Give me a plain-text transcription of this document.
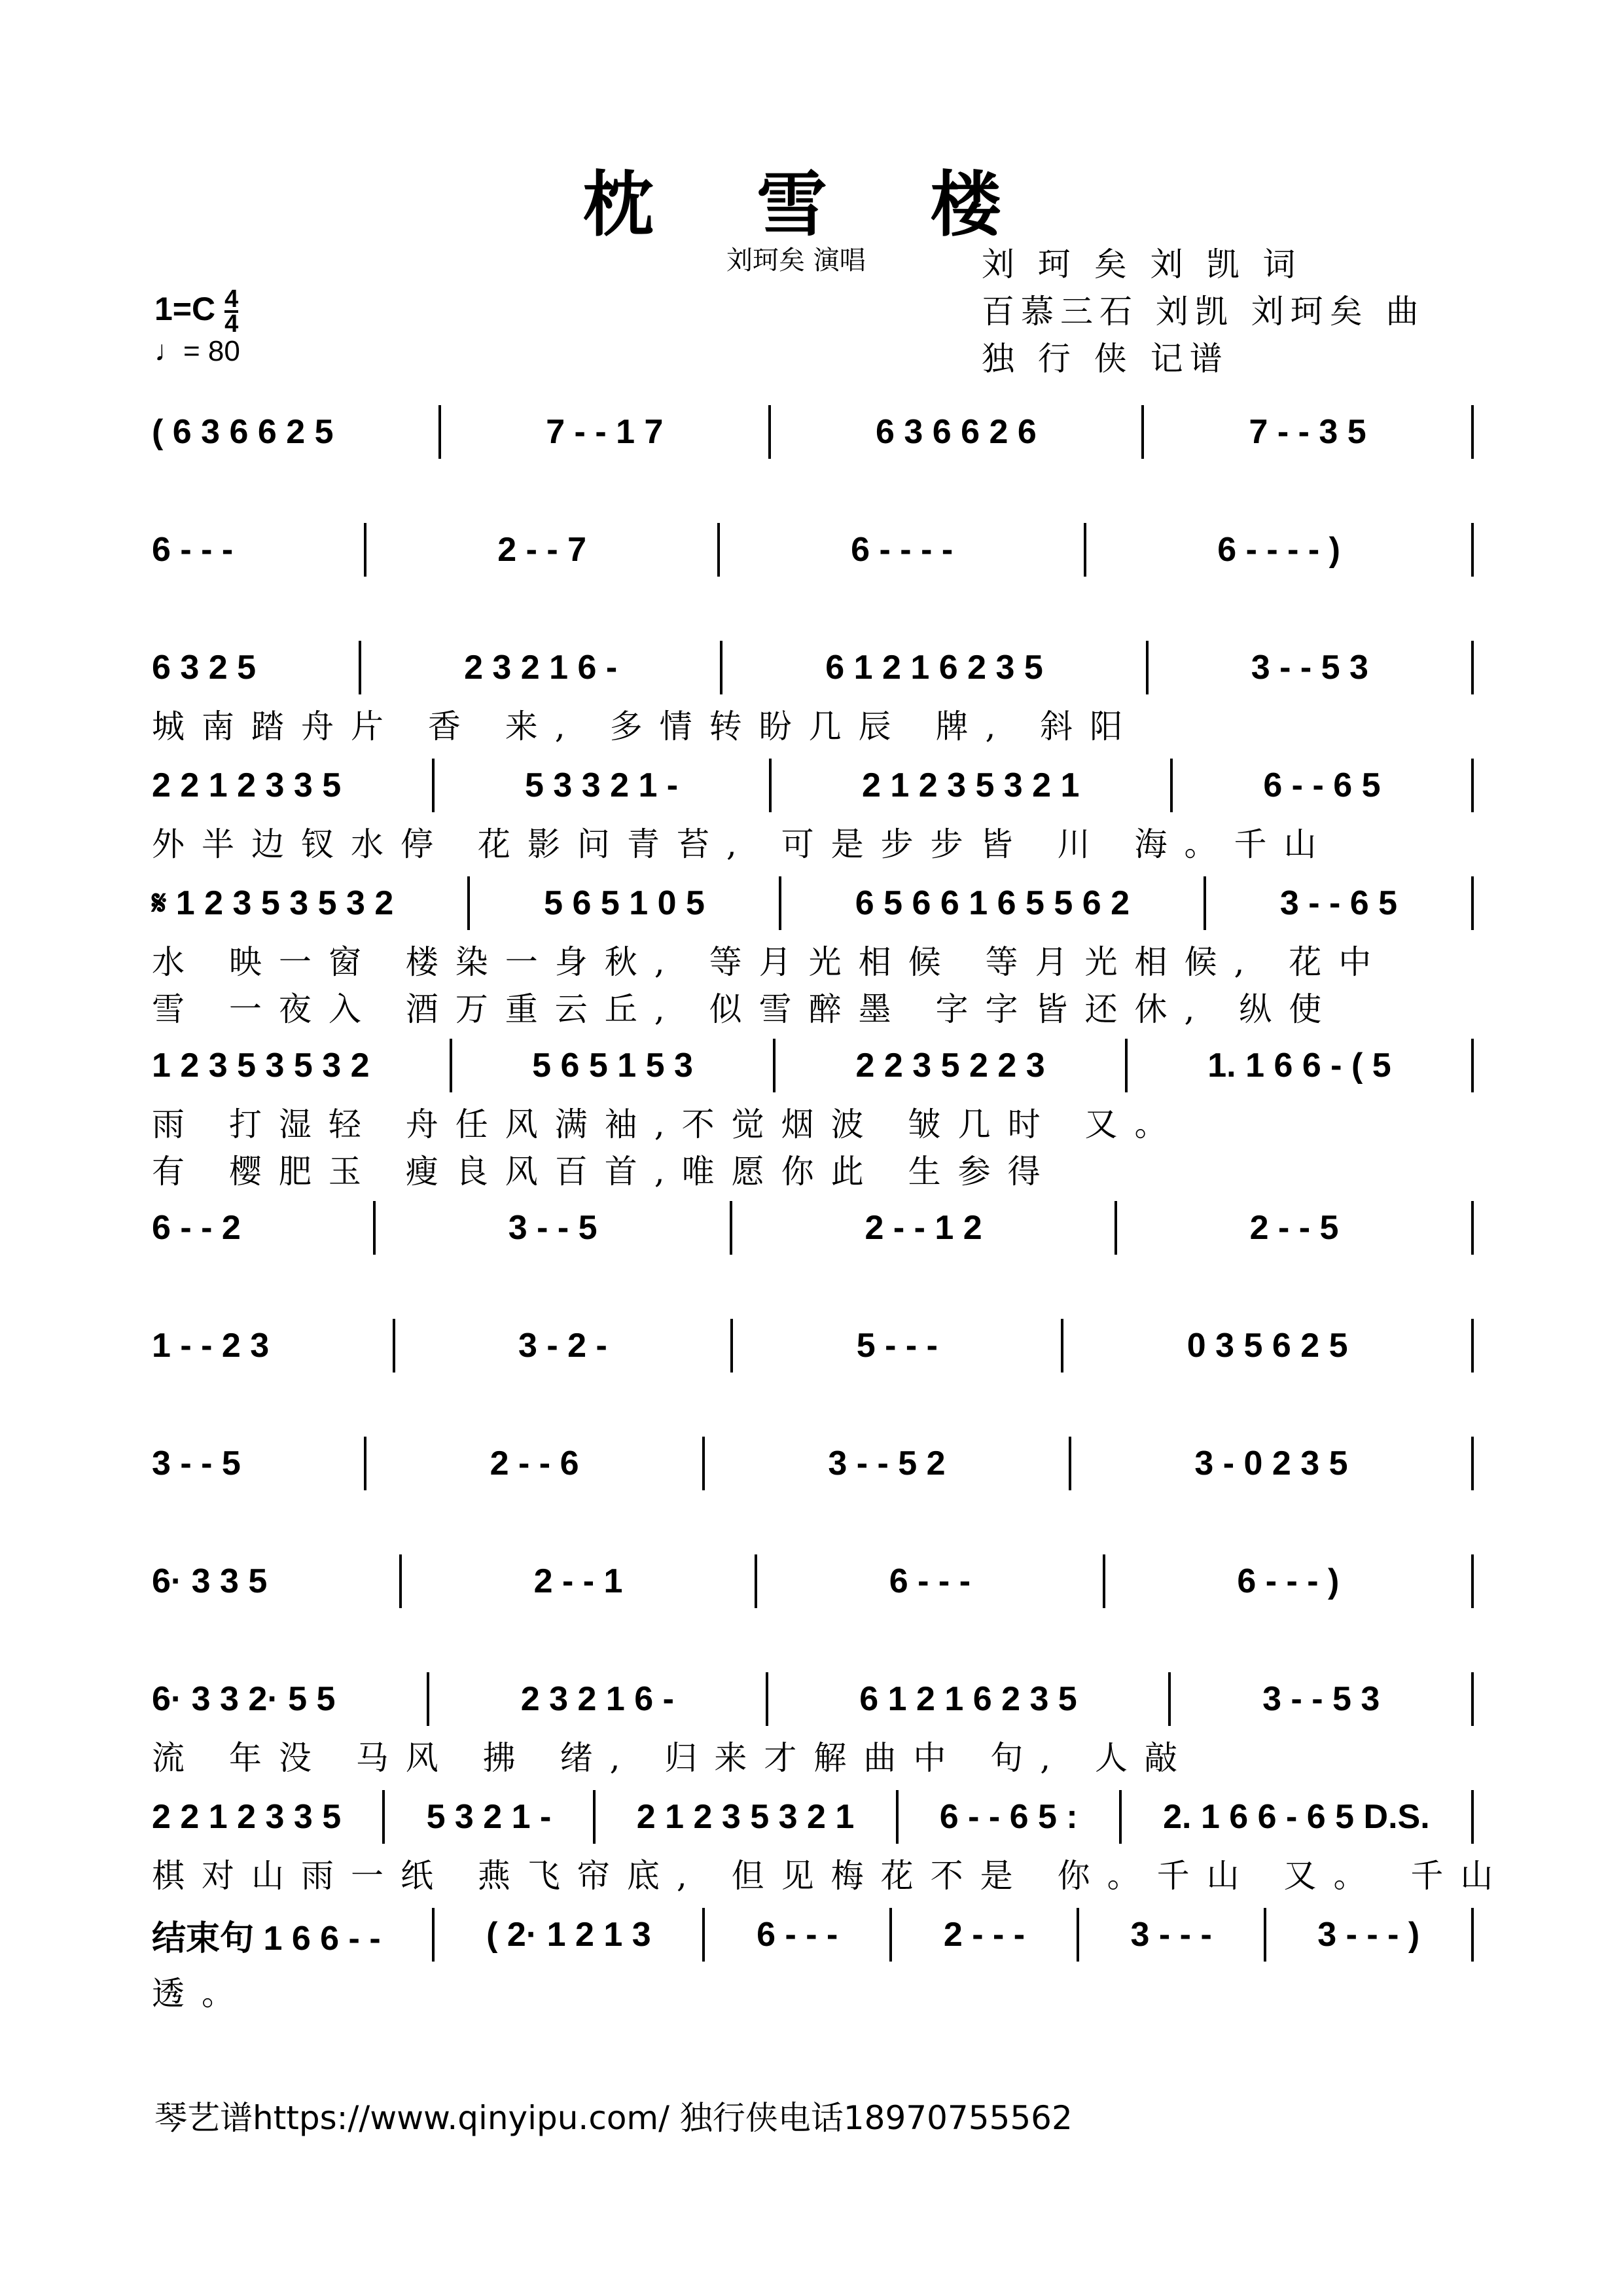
枕 雪 楼
刘珂矣 演唱	刘 珂 矣 刘 凯 词
百慕三石 刘凯 刘珂矣 曲
独 行 侠 记谱
$1=C \frac{4}{4}$
♩= 80
( 6 3 6 6 2 5	7 - - 1 7	6 3 6 6 2 6	7 - - 3 5
6 - - -	2 - - 7	6 - - - -	6 - - - - )
6 3 2 5	2 3 2 1 6 -	6 1 2 1 6 2 3 5	3 - - 5 3
城南踏舟片 香 来, 多情转盼几辰 牌, 斜阳
2 2 1 2 3 3 5	5 3 3 2 1 -	2 1 2 3 5 3 2 1	6 - - 6 5
外半边钗水停 花影问青苔, 可是步步皆 川 海。千山
𝄋 1 2 3 5 3 5 3 2	5 6 5 1 0 5	6 5 6 6 1 6 5 5 6 2	3 - - 6 5
水 映一窗 楼染一身秋, 等月光相候 等月光相候, 花中
雪 一夜入 酒万重云丘, 似雪醉墨 字字皆还休, 纵使
1 2 3 5 3 5 3 2	5 6 5 1 5 3	2 2 3 5 2 2 3	1. 1 6 6 - ( 5
雨 打湿轻 舟任风满袖,不觉烟波 皱几时 又。
有 樱肥玉 瘦良风百首,唯愿你此 生参得
6 - - 2	3 - - 5	2 - - 1 2	2 - - 5
1 - - 2 3	3 - 2 -	5 - - -	0 3 5 6 2 5
3 - - 5	2 - - 6	3 - - 5 2	3 - 0 2 3 5
6· 3 3 5	2 - - 1	6 - - -	6 - - - )
6· 3 3 2· 5 5	2 3 2 1 6 -	6 1 2 1 6 2 3 5	3 - - 5 3
流 年没 马风 拂 绪, 归来才解曲中 句, 人敲
2 2 1 2 3 3 5	5 3 2 1 -	2 1 2 3 5 3 2 1	6 - - 6 5 :	2. 1 6 6 - 6 5 D.S.
棋对山雨一纸 燕飞帘底, 但见梅花不是 你。千山 又。 千山
结束句 1 6 6 - -	( 2· 1 2 1 3	6 - - -	2 - - -	3 - - -	3 - - - )
透。
琴艺谱https://www.qinyipu.com/ 独行侠电话18970755562
